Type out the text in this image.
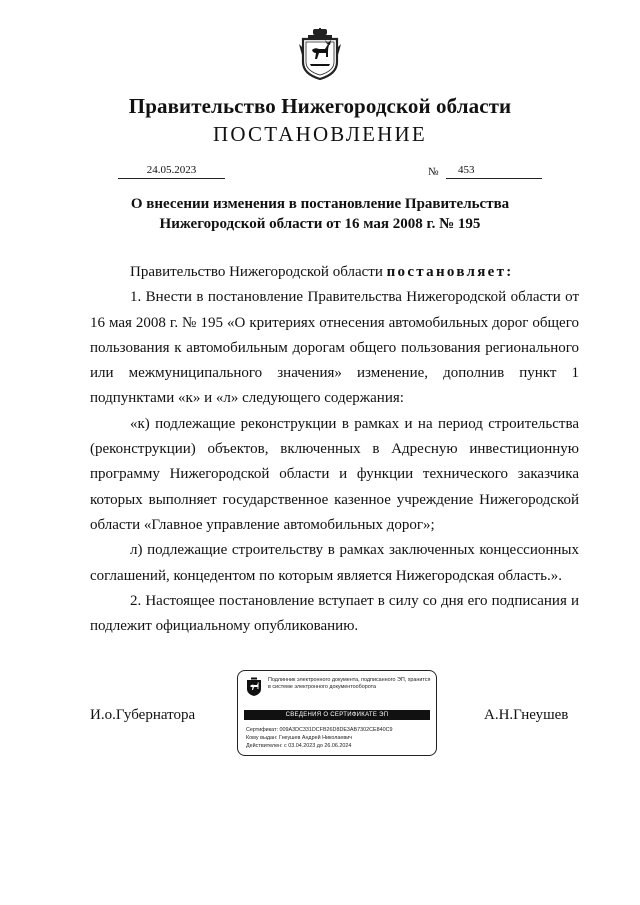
Правительство Нижегородской области
ПОСТАНОВЛЕНИЕ
24.05.2023	№	453
О внесении изменения в постановление Правительства
Нижегородской области от 16 мая 2008 г. № 195

Правительство Нижегородской области постановляет:

1. Внести в постановление Правительства Нижегородской области от 16 мая 2008 г. № 195 «О критериях отнесения автомобильных дорог общего пользования к автомобильным дорогам общего пользования регионального или межмуниципального значения» изменение, дополнив пункт 1 подпунктами «к» и «л» следующего содержания:

«к) подлежащие реконструкции в рамках и на период строительства (реконструкции) объектов, включенных в Адресную инвестиционную программу Нижегородской области и функции технического заказчика которых выполняет государственное казенное учреждение Нижегородской области «Главное управление автомобильных дорог»;

л) подлежащие строительству в рамках заключенных концессионных соглашений, концедентом по которым является Нижегородская область.».

2. Настоящее постановление вступает в силу со дня его подписания и подлежит официальному опубликованию.

И.о.Губернатора
Подлинник электронного документа, подписанного ЭП, хранится в системе электронного документооборота
СВЕДЕНИЯ О СЕРТИФИКАТЕ ЭП
Сертификат: 009A3DC331DCFB26D8DE3AB7302CE840C9
Кому выдан: Гнеушев Андрей Николаевич
Действителен: с 03.04.2023 до 26.06.2024
А.Н.Гнеушев
